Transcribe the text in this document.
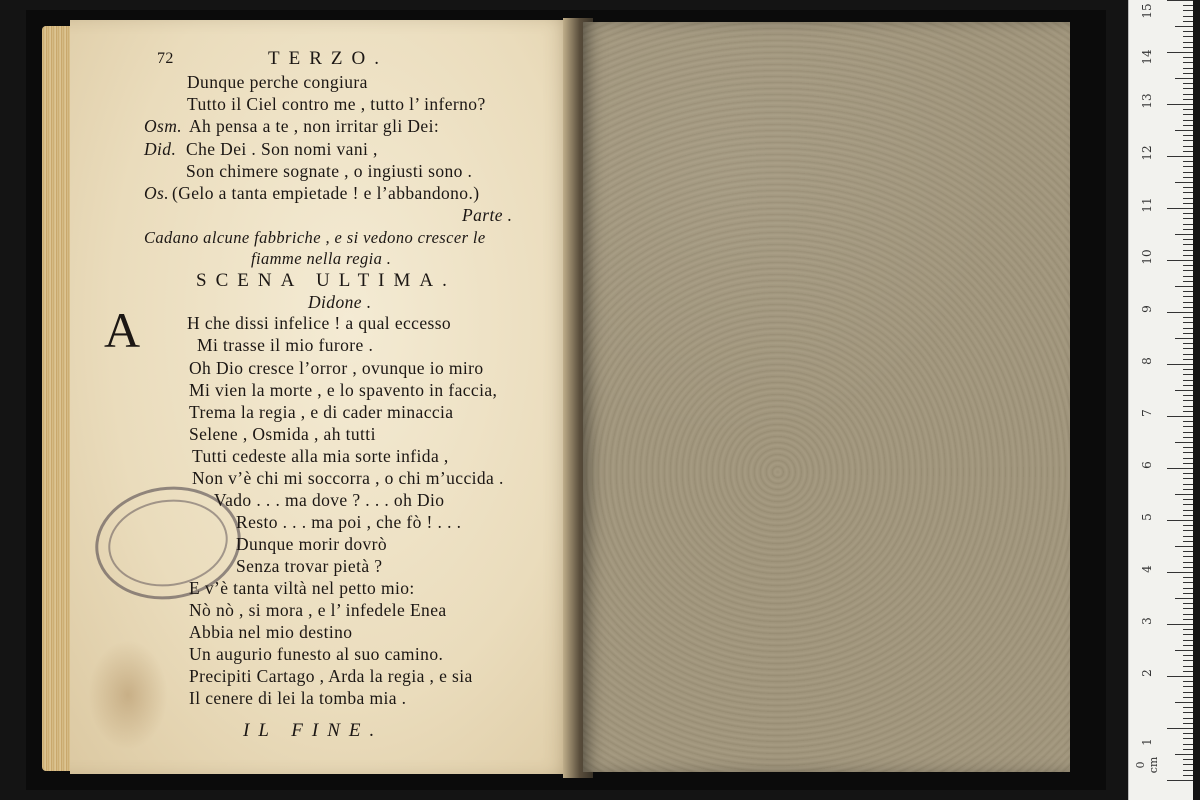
72	TERZO.
Dunque perche congiura
Tutto il Ciel contro me , tutto l’ inferno?
Osm. Ah pensa a te , non irritar gli Dei:
Did. Che Dei . Son nomi vani ,
Son chimere sognate , o ingiusti sono .
Os. (Gelo a tanta empietade ! e l’abbandono.)
Parte .
Cadano alcune fabbriche , e si vedono crescer le
fiamme nella regia .
SCENA ULTIMA.
Didone .
A	H che dissi infelice ! a qual eccesso
Mi trasse il mio furore .
Oh Dio cresce l’orror , ovunque io miro
Mi vien la morte , e lo spavento in faccia,
Trema la regia , e di cader minaccia
Selene , Osmida , ah tutti
Tutti cedeste alla mia sorte infida ,
Non v’è chi mi soccorra , o chi m’uccida .
Vado . . . ma dove ? . . . oh Dio
Resto . . . ma poi , che fò ! . . .
Dunque morir dovrò
Senza trovar pietà ?
E v’è tanta viltà nel petto mio:
Nò nò , si mora , e l’ infedele Enea
Abbia nel mio destino
Un augurio funesto al suo camino.
Precipiti Cartago , Arda la regia , e sia
Il cenere di lei la tomba mia .
IL FINE.
0 cm
1
2
3
4
5
6
7
8
9
10
11
12
13
14
15
